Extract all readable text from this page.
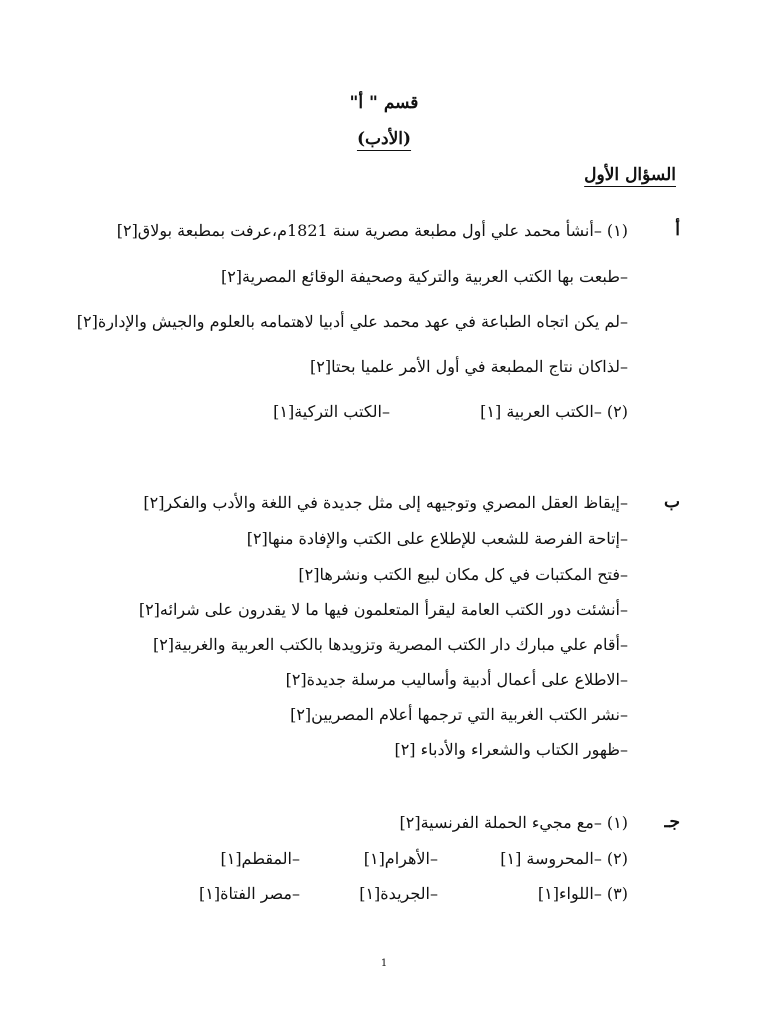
قسم " أ"
(الأدب)
السؤال الأول
أ
(١) –أنشأ محمد علي أول مطبعة مصرية سنة 1821م،عرفت بمطبعة بولاق[٢]
–طبعت بها الكتب العربية والتركية وصحيفة الوقائع المصرية[٢]
–لم يكن اتجاه الطباعة في عهد محمد علي أدبيا لاهتمامه بالعلوم والجيش والإدارة[٢]
–لذاكان نتاج المطبعة في أول الأمر علميا بحتا[٢]
(٢) –الكتب العربية [١]
–الكتب التركية[١]
ب
–إيقاظ العقل المصري وتوجيهه إلى مثل جديدة في اللغة والأدب والفكر[٢]
–إتاحة الفرصة للشعب للإطلاع على الكتب والإفادة منها[٢]
–فتح المكتبات في كل مكان لبيع الكتب ونشرها[٢]
–أنشئت دور الكتب العامة ليقرأ المتعلمون فيها ما لا يقدرون على شرائه[٢]
–أقام علي مبارك دار الكتب المصرية وتزويدها بالكتب العربية والغربية[٢]
–الاطلاع على أعمال أدبية وأساليب مرسلة جديدة[٢]
–نشر الكتب الغربية التي ترجمها أعلام المصريين[٢]
–ظهور الكتاب والشعراء والأدباء [٢]
جـ
(١) –مع مجيء الحملة الفرنسية[٢]
(٢) –المحروسة [١]
–الأهرام[١]
–المقطم[١]
(٣) –اللواء[١]
–الجريدة[١]
–مصر الفتاة[١]
1
